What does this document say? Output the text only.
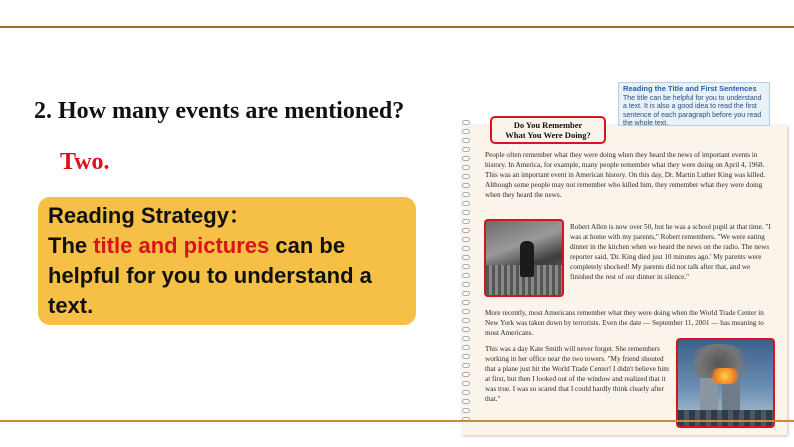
2. How many events are mentioned?
Two.
Reading Strategy：
The title and pictures can be helpful for you to understand a text.
Reading the Title and First Sentences
The title can be helpful for you to understand a text. It is also a good idea to read the first sentence of each paragraph before you read the whole text.
Do You Remember
What You Were Doing?
People often remember what they were doing when they heard the news of important events in history. In America, for example, many people remember what they were doing on April 4, 1968. This was an important event in American history. On this day, Dr. Martin Luther King was killed. Although some people may not remember who killed him, they remember what they were doing when they heard the news.
Robert Allen is now over 50, but he was a school pupil at that time. "I was at home with my parents," Robert remembers. "We were eating dinner in the kitchen when we heard the news on the radio. The news reporter said, 'Dr. King died just 10 minutes ago.' My parents were completely shocked! My parents did not talk after that, and we finished the rest of our dinner in silence."
More recently, most Americans remember what they were doing when the World Trade Center in New York was taken down by terrorists. Even the date — September 11, 2001 — has meaning to most Americans.
This was a day Kate Smith will never forget. She remembers working in her office near the two towers. "My friend shouted that a plane just hit the World Trade Center! I didn't believe him at first, but then I looked out of the window and realized that it was true. I was so scared that I could hardly think clearly after that."
